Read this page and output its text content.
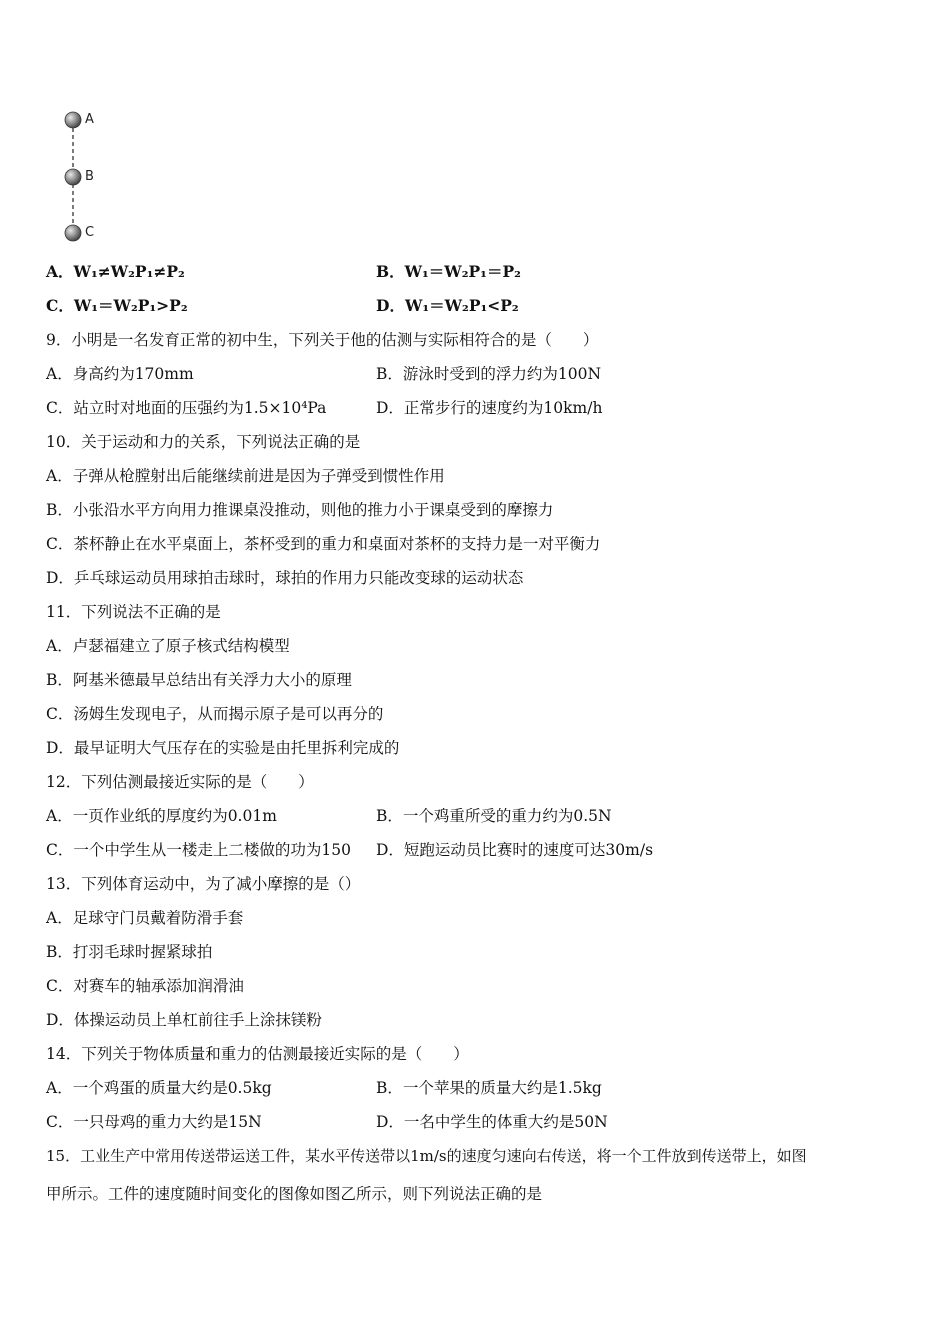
A
B
C
A．W₁≠W₂P₁≠P₂	B．W₁＝W₂P₁＝P₂
C．W₁＝W₂P₁>P₂	D．W₁＝W₂P₁<P₂
9．小明是一名发育正常的初中生，下列关于他的估测与实际相符合的是（　　）
A．身高约为170mm	B．游泳时受到的浮力约为100N
C．站立时对地面的压强约为1.5×10⁴Pa	D．正常步行的速度约为10km/h
10．关于运动和力的关系，下列说法正确的是
A．子弹从枪膛射出后能继续前进是因为子弹受到惯性作用
B．小张沿水平方向用力推课桌没推动，则他的推力小于课桌受到的摩擦力
C．茶杯静止在水平桌面上，茶杯受到的重力和桌面对茶杯的支持力是一对平衡力
D．乒乓球运动员用球拍击球时，球拍的作用力只能改变球的运动状态
11．下列说法不正确的是
A．卢瑟福建立了原子核式结构模型
B．阿基米德最早总结出有关浮力大小的原理
C．汤姆生发现电子，从而揭示原子是可以再分的
D．最早证明大气压存在的实验是由托里拆利完成的
12．下列估测最接近实际的是（　　）
A．一页作业纸的厚度约为0.01m	B．一个鸡重所受的重力约为0.5N
C．一个中学生从一楼走上二楼做的功为150 D．短跑运动员比赛时的速度可达30m/s
13．下列体育运动中，为了减小摩擦的是（）
A．足球守门员戴着防滑手套
B．打羽毛球时握紧球拍
C．对赛车的轴承添加润滑油
D．体操运动员上单杠前往手上涂抹镁粉
14．下列关于物体质量和重力的估测最接近实际的是（　　）
A．一个鸡蛋的质量大约是0.5kg	B．一个苹果的质量大约是1.5kg
C．一只母鸡的重力大约是15N	D．一名中学生的体重大约是50N
15．工业生产中常用传送带运送工件，某水平传送带以1m/s的速度匀速向右传送，将一个工件放到传送带上，如图
甲所示。工件的速度随时间变化的图像如图乙所示，则下列说法正确的是
